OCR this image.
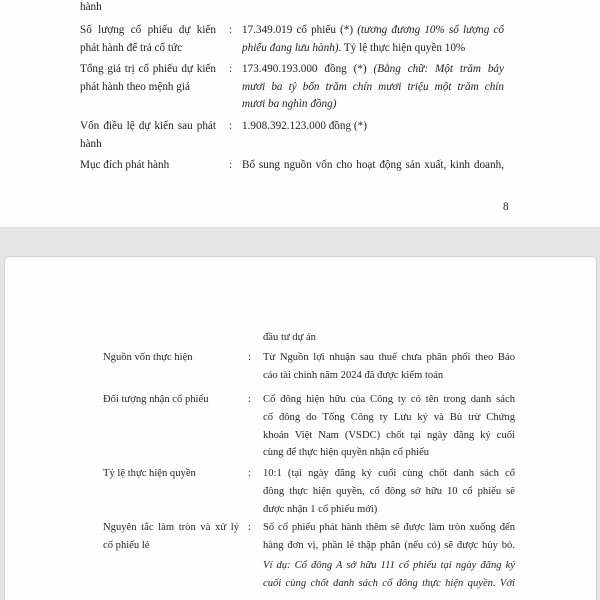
hành
Số lượng cổ phiếu dự kiến
phát hành để trả cổ tức
: 17.349.019 cổ phiếu (*) (tương đương 10% số lượng cổ
phiếu đang lưu hành). Tỷ lệ thực hiện quyền 10%
Tổng giá trị cổ phiếu dự kiến
phát hành theo mệnh giá
: 173.490.193.000 đồng (*) (Bằng chữ: Một trăm bảy
mươi ba tỷ bốn trăm chín mươi triệu một trăm chín
mươi ba nghìn đồng)
Vốn điều lệ dự kiến sau phát
hành
: 1.908.392.123.000 đồng (*)
Mục đích phát hành	: Bổ sung nguồn vốn cho hoạt động sản xuất, kinh doanh,
8
đầu tư dự án
Nguồn vốn thực hiện	: Từ Nguồn lợi nhuận sau thuế chưa phân phối theo Báo
cáo tài chính năm 2024 đã được kiểm toán
Đối tượng nhận cổ phiếu	: Cổ đông hiện hữu của Công ty có tên trong danh sách
cổ đông do Tổng Công ty Lưu ký và Bù trừ Chứng
khoán Việt Nam (VSDC) chốt tại ngày đăng ký cuối
cùng để thực hiện quyền nhận cổ phiếu
Tỷ lệ thực hiện quyền	: 10:1 (tại ngày đăng ký cuối cùng chốt danh sách cổ
đông thực hiện quyền, cổ đông sở hữu 10 cổ phiếu sẽ
được nhận 1 cổ phiếu mới)
Nguyên tắc làm tròn và xử lý
cổ phiếu lẻ
: Số cổ phiếu phát hành thêm sẽ được làm tròn xuống đến
hàng đơn vị, phần lẻ thập phân (nếu có) sẽ được hủy bỏ.
Ví dụ: Cổ đông A sở hữu 111 cổ phiếu tại ngày đăng ký
cuối cùng chốt danh sách cổ đông thực hiện quyền. Với
